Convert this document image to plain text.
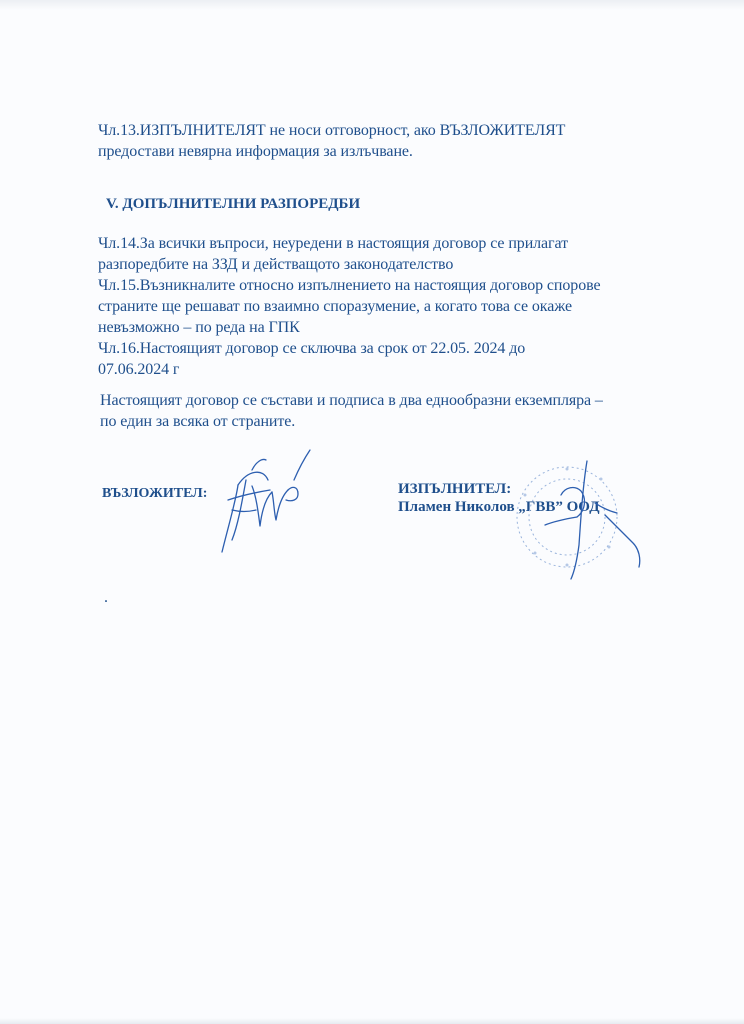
Чл.13.ИЗПЪЛНИТЕЛЯТ не носи отговорност, ако ВЪЗЛОЖИТЕЛЯТ
предостави невярна информация за излъчване.
V. ДОПЪЛНИТЕЛНИ РАЗПОРЕДБИ
Чл.14.За всички въпроси, неуредени в настоящия договор се прилагат
разпоредбите на ЗЗД и действащото законодателство
Чл.15.Възникналите относно изпълнението на настоящия договор спорове
страните ще решават по взаимно споразумение, а когато това се окаже
невъзможно – по реда на ГПК
Чл.16.Настоящият договор се сключва за срок от 22.05. 2024 до
07.06.2024 г
Настоящият договор се състави и подписа в два еднообразни екземпляра –
по един за всяка от страните.
ВЪЗЛОЖИТЕЛ:	ИЗПЪЛНИТЕЛ:
Пламен Николов „ГВВ” ООД
.
